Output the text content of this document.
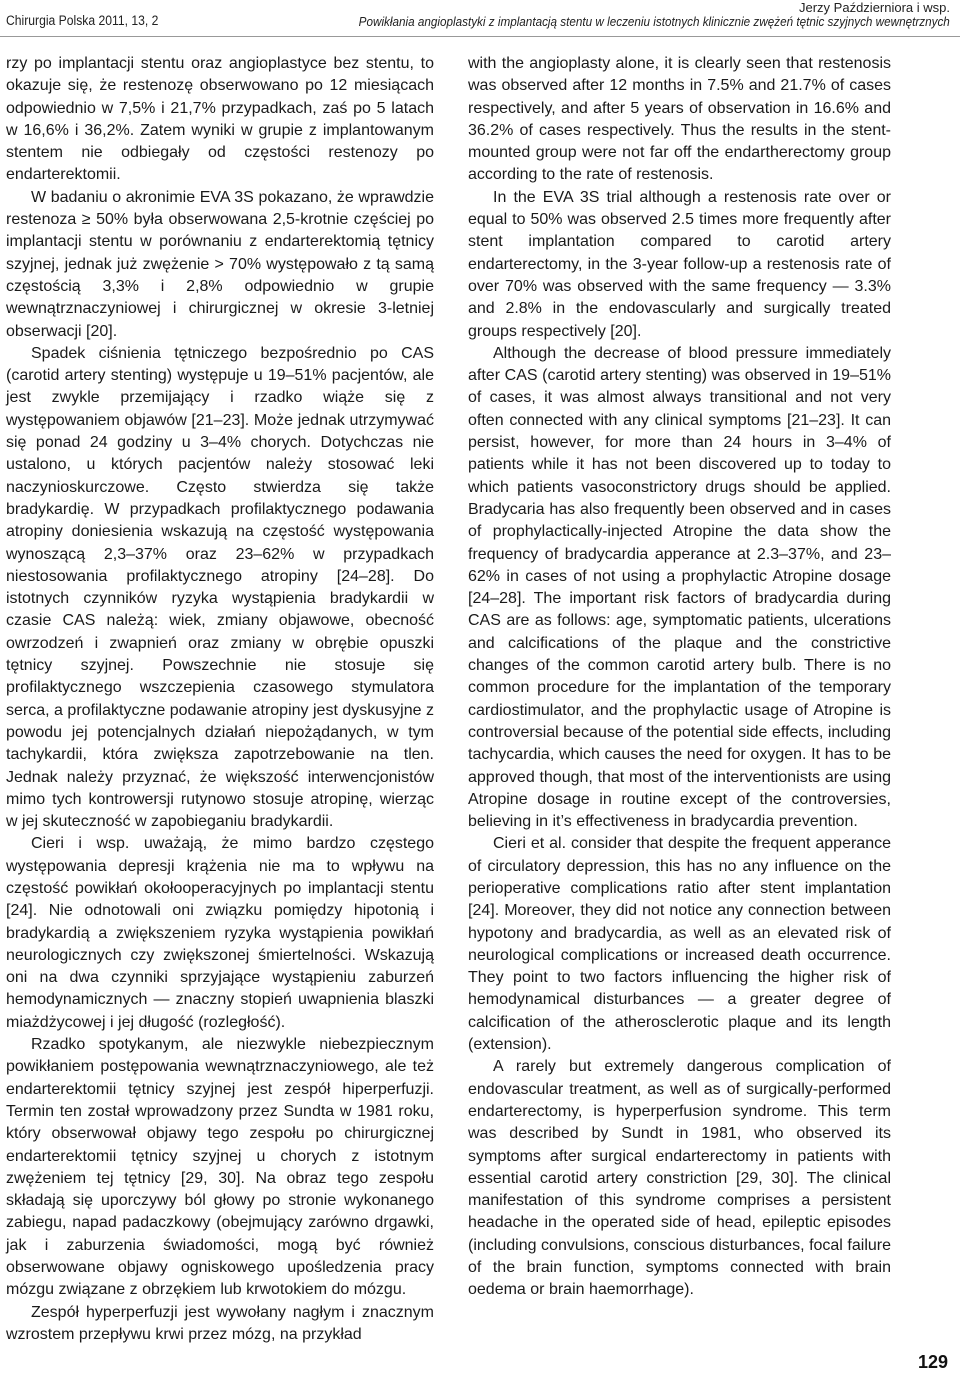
Chirurgia Polska 2011, 13, 2
Jerzy Październiora i wsp.
Powikłania angioplastyki z implantacją stentu w leczeniu istotnych klinicznie zwężeń tętnic szyjnych wewnętrznych

rzy po implantacji stentu oraz angioplastyce bez stentu, to okazuje się, że restenozę obserwowano po 12 miesiącach odpowiednio w 7,5% i 21,7% przypadkach, zaś po 5 latach w 16,6% i 36,2%. Zatem wyniki w grupie z implantowanym stentem nie odbiegały od częstości restenozy po endarterektomii.

W badaniu o akronimie EVA 3S pokazano, że wprawdzie restenoza ≥ 50% była obserwowana 2,5-krotnie częściej po implantacji stentu w porównaniu z endarterektomią tętnicy szyjnej, jednak już zwężenie > 70% występowało z tą samą częstością 3,3% i 2,8% odpowiednio w grupie wewnątrznaczyniowej i chirurgicznej w okresie 3-letniej obserwacji [20].

Spadek ciśnienia tętniczego bezpośrednio po CAS (carotid artery stenting) występuje u 19–51% pacjentów, ale jest zwykle przemijający i rzadko wiąże się z występowaniem objawów [21–23]. Może jednak utrzymywać się ponad 24 godziny u 3–4% chorych. Dotychczas nie ustalono, u których pacjentów należy stosować leki naczynioskurczowe. Często stwierdza się także bradykardię. W przypadkach profilaktycznego podawania atropiny doniesienia wskazują na częstość występowania wynoszącą 2,3–37% oraz 23–62% w przypadkach niestosowania profilaktycznego atropiny [24–28]. Do istotnych czynników ryzyka wystąpienia bradykardii w czasie CAS należą: wiek, zmiany objawowe, obecność owrzodzeń i zwapnień oraz zmiany w obrębie opuszki tętnicy szyjnej. Powszechnie nie stosuje się profilaktycznego wszczepienia czasowego stymulatora serca, a profilaktyczne podawanie atropiny jest dyskusyjne z powodu jej potencjalnych działań niepożądanych, w tym tachykardii, która zwiększa zapotrzebowanie na tlen. Jednak należy przyznać, że większość interwencjonistów mimo tych kontrowersji rutynowo stosuje atropinę, wierząc w jej skuteczność w zapobieganiu bradykardii.

Cieri i wsp. uważają, że mimo bardzo częstego występowania depresji krążenia nie ma to wpływu na częstość powikłań okołooperacyjnych po implantacji stentu [24]. Nie odnotowali oni związku pomiędzy hipotonią i bradykardią a zwiększeniem ryzyka wystąpienia powikłań neurologicznych czy zwiększonej śmiertelności. Wskazują oni na dwa czynniki sprzyjające wystąpieniu zaburzeń hemodynamicznych — znaczny stopień uwapnienia blaszki miażdżycowej i jej długość (rozległość).

Rzadko spotykanym, ale niezwykle niebezpiecznym powikłaniem postępowania wewnątrznaczyniowego, ale też endarterektomii tętnicy szyjnej jest zespół hiperperfuzji. Termin ten został wprowadzony przez Sundta w 1981 roku, który obserwował objawy tego zespołu po chirurgicznej endarterektomii tętnicy szyjnej u chorych z istotnym zwężeniem tej tętnicy [29, 30]. Na obraz tego zespołu składają się uporczywy ból głowy po stronie wykonanego zabiegu, napad padaczkowy (obejmujący zarówno drgawki, jak i zaburzenia świadomości, mogą być również obserwowane objawy ogniskowego upośledzenia pracy mózgu związane z obrzękiem lub krwotokiem do mózgu.

Zespół hyperperfuzji jest wywołany nagłym i znacznym wzrostem przepływu krwi przez mózg, na przykład

with the angioplasty alone, it is clearly seen that restenosis was observed after 12 months in 7.5% and 21.7% of cases respectively, and after 5 years of observation in 16.6% and 36.2% of cases respectively. Thus the results in the stent-mounted group were not far off the endartherectomy group according to the rate of restenosis.

In the EVA 3S trial although a restenosis rate over or equal to 50% was observed 2.5 times more frequently after stent implantation compared to carotid artery endarterectomy, in the 3-year follow-up a restenosis rate of over 70% was observed with the same frequency — 3.3% and 2.8% in the endovascularly and surgically treated groups respectively [20].

Although the decrease of blood pressure immediately after CAS (carotid artery stenting) was observed in 19–51% of cases, it was almost always transitional and not very often connected with any clinical symptoms [21–23]. It can persist, however, for more than 24 hours in 3–4% of patients while it has not been discovered up to today to which patients vasoconstrictory drugs should be applied. Bradycaria has also frequently been observed and in cases of prophylactically-injected Atropine the data show the frequency of bradycardia apperance at 2.3–37%, and 23–62% in cases of not using a prophylactic Atropine dosage [24–28]. The important risk factors of bradycardia during CAS are as follows: age, symptomatic patients, ulcerations and calcifications of the plaque and the constrictive changes of the common carotid artery bulb. There is no common procedure for the implantation of the temporary cardiostimulator, and the prophylactic usage of Atropine is controversial because of the potential side effects, including tachycardia, which causes the need for oxygen. It has to be approved though, that most of the interventionists are using Atropine dosage in routine except of the controversies, believing in it’s effectiveness in bradycardia prevention.

Cieri et al. consider that despite the frequent apperance of circulatory depression, this has no any influence on the perioperative complications ratio after stent implantation [24]. Moreover, they did not notice any connection between hypotony and bradycardia, as well as an elevated risk of neurological complications or increased death occurrence. They point to two factors influencing the higher risk of hemodynamical disturbances — a greater degree of calcification of the atherosclerotic plaque and its length (extension).

A rarely but extremely dangerous complication of endovascular treatment, as well as of surgically-performed endarterectomy, is hyperperfusion syndrome. This term was described by Sundt in 1981, who observed its symptoms after surgical endarterectomy in patients with essential carotid artery constriction [29, 30]. The clinical manifestation of this syndrome comprises a persistent headache in the operated side of head, epileptic episodes (including convulsions, conscious disturbances, focal failure of the brain function, symptoms connected with brain oedema or brain haemorrhage).

129
